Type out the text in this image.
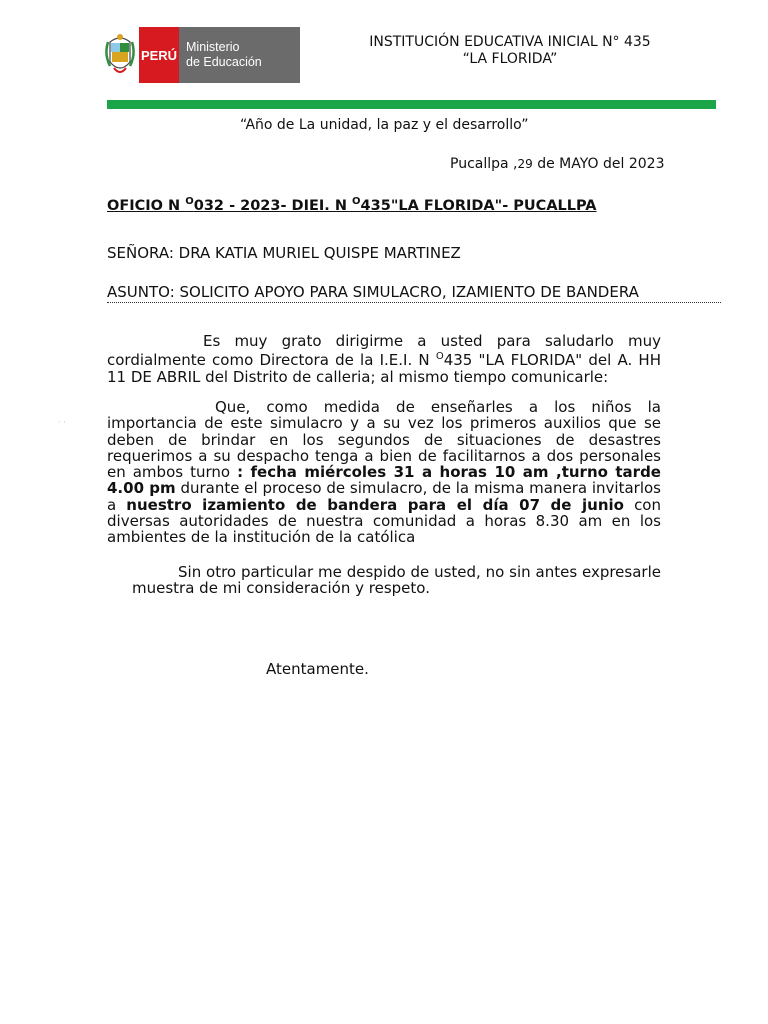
PERÚ
Ministerio
de Educación
INSTITUCIÓN EDUCATIVA INICIAL N° 435
“LA FLORIDA”
“Año de La unidad, la paz y el desarrollo”
Pucallpa ,29 de MAYO del 2023
OFICIO N $^O$032 - 2023- DIEI. N $^O$435"LA FLORIDA"- PUCALLPA
SEÑORA: DRA KATIA MURIEL QUISPE MARTINEZ
ASUNTO: SOLICITO APOYO PARA SIMULACRO, IZAMIENTO DE BANDERA
· ·
Es muy grato dirigirme a usted para saludarlo muy cordialmente como Directora de la I.E.I. N $^O$435 "LA FLORIDA" del A. HH 11 DE ABRIL del Distrito de calleria; al mismo tiempo comunicarle:
Que, como medida de enseñarles a los niños la importancia de este simulacro y a su vez los primeros auxilios que se deben de brindar en los segundos de situaciones de desastres requerimos a su despacho tenga a bien de facilitarnos a dos personales en ambos turno : fecha miércoles 31 a horas 10 am ,turno tarde 4.00 pm durante el proceso de simulacro, de la misma manera invitarlos a nuestro izamiento de bandera para el día 07 de junio con diversas autoridades de nuestra comunidad a horas 8.30 am en los ambientes de la institución de la católica
Sin otro particular me despido de usted, no sin antes expresarle muestra de mi consideración y respeto.
Atentamente.
